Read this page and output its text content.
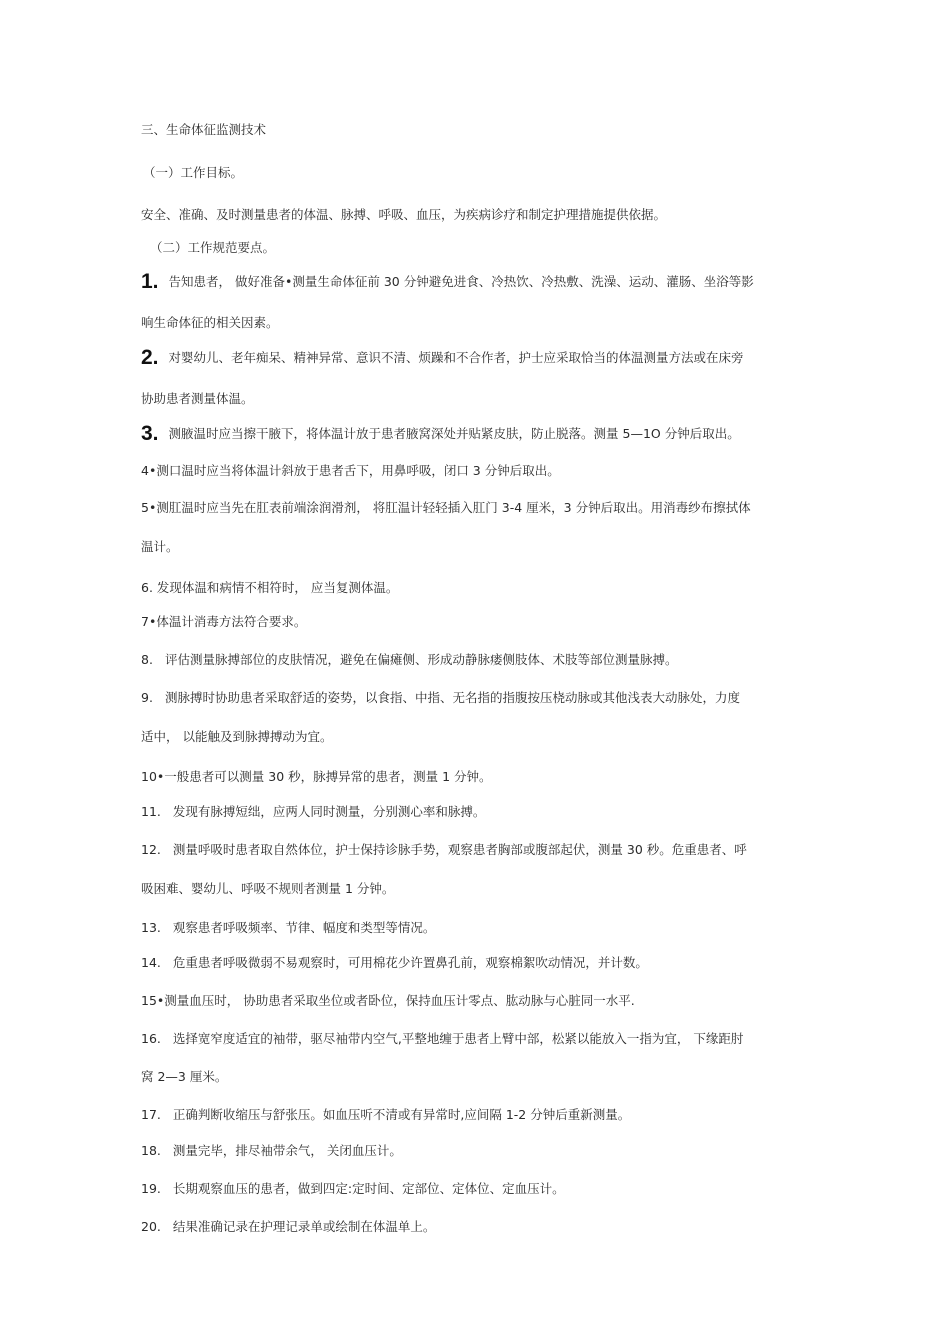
三、生命体征监测技术
（一）工作目标。
安全、准确、及时测量患者的体温、脉搏、呼吸、血压，为疾病诊疗和制定护理措施提供依据。
（二）工作规范要点。
1. 告知患者， 做好准备•测量生命体征前 30 分钟避免进食、冷热饮、冷热敷、洗澡、运动、灌肠、坐浴等影
响生命体征的相关因素。
2. 对婴幼儿、老年痴呆、精神异常、意识不清、烦躁和不合作者，护士应采取恰当的体温测量方法或在床旁
协助患者测量体温。
3. 测腋温时应当擦干腋下，将体温计放于患者腋窝深处并贴紧皮肤，防止脱落。测量 5—1O 分钟后取出。
4•测口温时应当将体温计斜放于患者舌下，用鼻呼吸，闭口 3 分钟后取出。
5•测肛温时应当先在肛表前端涂润滑剂， 将肛温计轻轻插入肛门 3-4 厘米，3 分钟后取出。用消毒纱布擦拭体
温计。
6. 发现体温和病情不相符时， 应当复测体温。
7•体温计消毒方法符合要求。
8. 评估测量脉搏部位的皮肤情况，避免在偏瘫侧、形成动静脉瘘侧肢体、术肢等部位测量脉搏。
9. 测脉搏时协助患者采取舒适的姿势，以食指、中指、无名指的指腹按压桡动脉或其他浅表大动脉处，力度
适中， 以能触及到脉搏搏动为宜。
10•一般患者可以测量 30 秒，脉搏异常的患者，测量 1 分钟。
11. 发现有脉搏短绌，应两人同时测量，分别测心率和脉搏。
12. 测量呼吸时患者取自然体位，护士保持诊脉手势，观察患者胸部或腹部起伏，测量 30 秒。危重患者、呼
吸困难、婴幼儿、呼吸不规则者测量 1 分钟。
13. 观察患者呼吸频率、节律、幅度和类型等情况。
14. 危重患者呼吸微弱不易观察时，可用棉花少许置鼻孔前，观察棉絮吹动情况，并计数。
15•测量血压时， 协助患者采取坐位或者卧位，保持血压计零点、肱动脉与心脏同一水平.
16. 选择宽窄度适宜的袖带，驱尽袖带内空气,平整地缠于患者上臂中部，松紧以能放入一指为宜， 下缘距肘
窝 2—3 厘米。
17. 正确判断收缩压与舒张压。如血压听不清或有异常时,应间隔 1-2 分钟后重新测量。
18. 测量完毕，排尽袖带余气， 关闭血压计。
19. 长期观察血压的患者，做到四定:定时间、定部位、定体位、定血压计。
20. 结果准确记录在护理记录单或绘制在体温单上。
